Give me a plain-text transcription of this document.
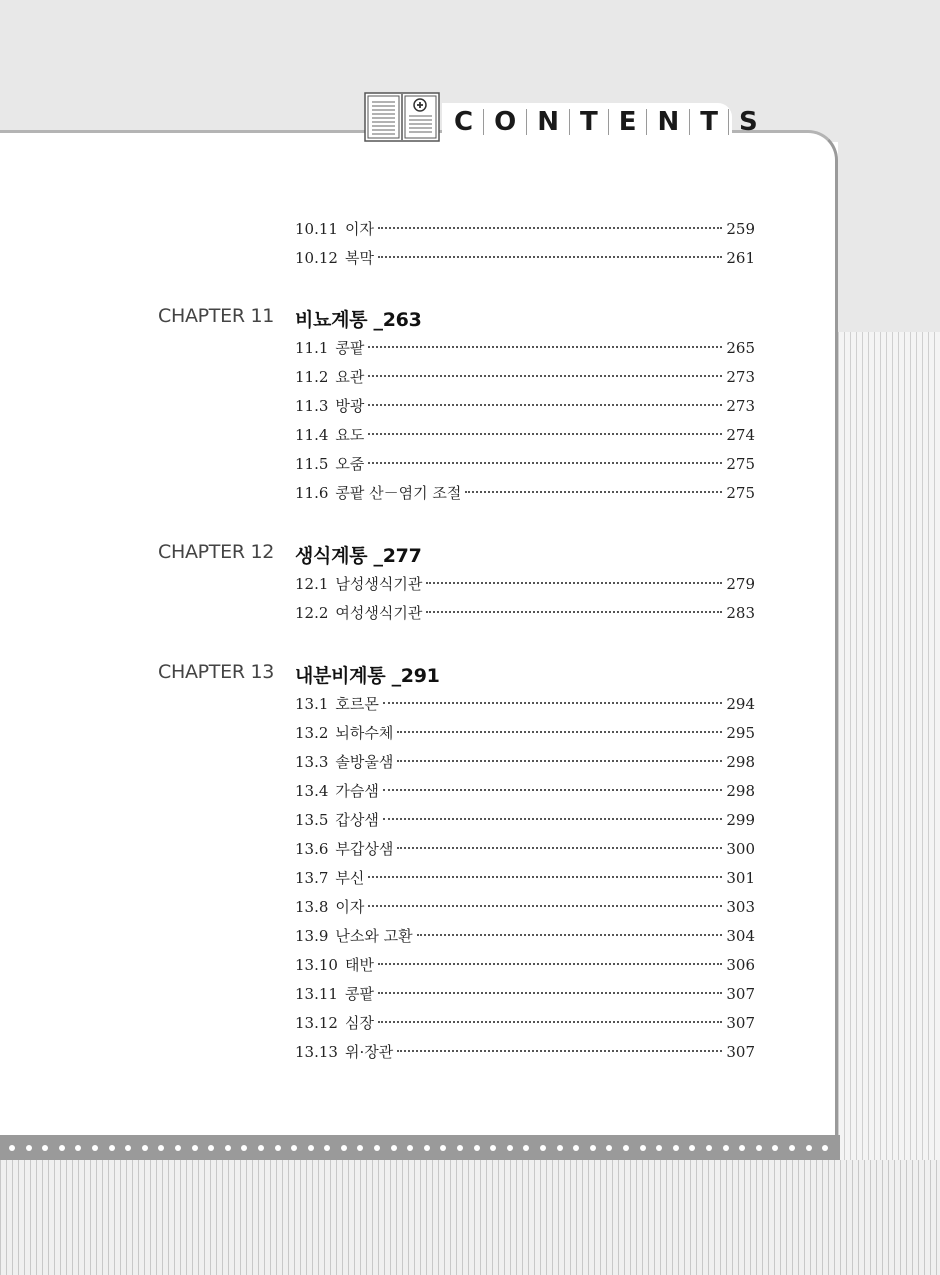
C O N T E N T S
10.11 이자	259
10.12 복막	261
CHAPTER 11 비뇨계통 _263
11.1 콩팥	265
11.2 요관	273
11.3 방광	273
11.4 요도	274
11.5 오줌	275
11.6 콩팥 산－염기 조절	275
CHAPTER 12 생식계통 _277
12.1 남성생식기관	279
12.2 여성생식기관	283
CHAPTER 13 내분비계통 _291
13.1 호르몬	294
13.2 뇌하수체	295
13.3 솔방울샘	298
13.4 가슴샘	298
13.5 갑상샘	299
13.6 부갑상샘	300
13.7 부신	301
13.8 이자	303
13.9 난소와 고환	304
13.10 태반	306
13.11 콩팥	307
13.12 심장	307
13.13 위·장관	307
